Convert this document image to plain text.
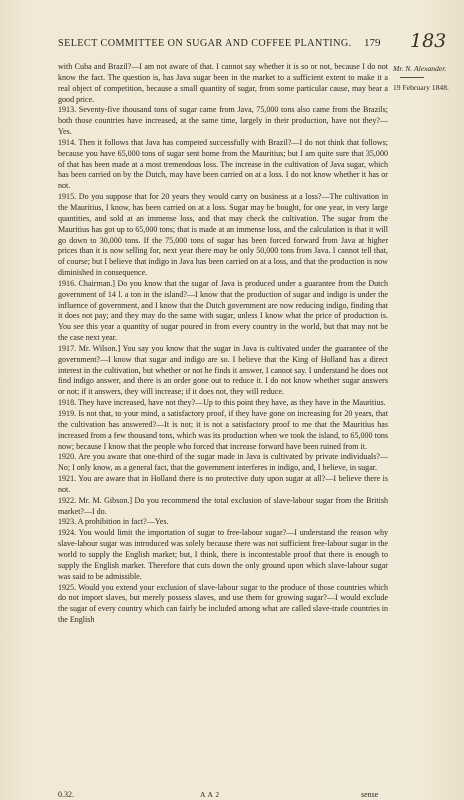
SELECT COMMITTEE ON SUGAR AND COFFEE PLANTING.	179 183
Mr. N. Alexander.
19 February 1848.

with Cuba and Brazil?—I am not aware of that. I cannot say whether it is so or not, because I do not know the fact. The question is, has Java sugar been in the market to a sufficient extent to make it a real object of competition, because a small quantity of sugar, from some particular cause, may bear a good price.

1913. Seventy-five thousand tons of sugar came from Java, 75,000 tons also came from the Brazils; both those countries have increased, at the same time, largely in their production, have not they?—Yes.

1914. Then it follows that Java has competed successfully with Brazil?—I do not think that follows; because you have 65,000 tons of sugar sent home from the Mauritius; but I am quite sure that 35,000 of that has been made at a most tremendous loss. The increase in the cultivation of Java sugar, which has been carried on by the Dutch, may have been carried on at a loss. I do not know whether it has or not.

1915. Do you suppose that for 20 years they would carry on business at a loss?—The cultivation in the Mauritius, I know, has been carried on at a loss. Sugar may be bought, for one year, in very large quantities, and sold at an immense loss, and that may check the cultivation. The sugar from the Mauritius has got up to 65,000 tons; that is made at an immense loss, and the calculation is that it will go down to 30,000 tons. If the 75,000 tons of sugar has been forced forward from Java at higher prices than it is now selling for, next year there may be only 50,000 tons from Java. I cannot tell that, of course; but I believe that indigo in Java has been carried on at a loss, and that the production is now diminished in consequence.

1916. Chairman.] Do you know that the sugar of Java is produced under a guarantee from the Dutch government of 14 l. a ton in the island?—I know that the production of sugar and indigo is under the influence of government, and I know that the Dutch government are now reducing indigo, finding that it does not pay; and they may do the same with sugar, unless I know what the price of production is. You see this year a quantity of sugar poured in from every country in the world, but that may not be the case next year.

1917. Mr. Wilson.] You say you know that the sugar in Java is cultivated under the guarantee of the government?—I know that sugar and indigo are so. I believe that the King of Holland has a direct interest in the cultivation, but whether or not he finds it answer, I cannot say. I understand he does not find indigo answer, and there is an order gone out to reduce it. I do not know whether sugar answers or not; if it answers, they will increase; if it does not, they will reduce.

1918. They have increased, have not they?—Up to this point they have, as they have in the Mauritius.

1919. Is not that, to your mind, a satisfactory proof, if they have gone on increasing for 20 years, that the cultivation has answered?—It is not; it is not a satisfactory proof to me that the Mauritius has increased from a few thousand tons, which was its production when we took the island, to 65,000 tons now; because I know that the people who forced that increase forward have been ruined from it.

1920. Are you aware that one-third of the sugar made in Java is cultivated by private individuals?—No; I only know, as a general fact, that the government interferes in indigo, and, I believe, in sugar.

1921. You are aware that in Holland there is no protective duty upon sugar at all?—I believe there is not.

1922. Mr. M. Gibson.] Do you recommend the total exclusion of slave-labour sugar from the British market?—I do.

1923. A prohibition in fact?—Yes.

1924. You would limit the importation of sugar to free-labour sugar?—I understand the reason why slave-labour sugar was introduced was solely because there was not sufficient free-labour sugar in the world to supply the English market; but, I think, there is incontestable proof that there is enough to supply the English market. Therefore that cuts down the only ground upon which slave-labour sugar was said to be admissible.

1925. Would you extend your exclusion of slave-labour sugar to the produce of those countries which do not import slaves, but merely possess slaves, and use them for growing sugar?—I would exclude the sugar of every country which can fairly be included among what are called slave-trade countries in the English

0.32.	A A 2	sense
